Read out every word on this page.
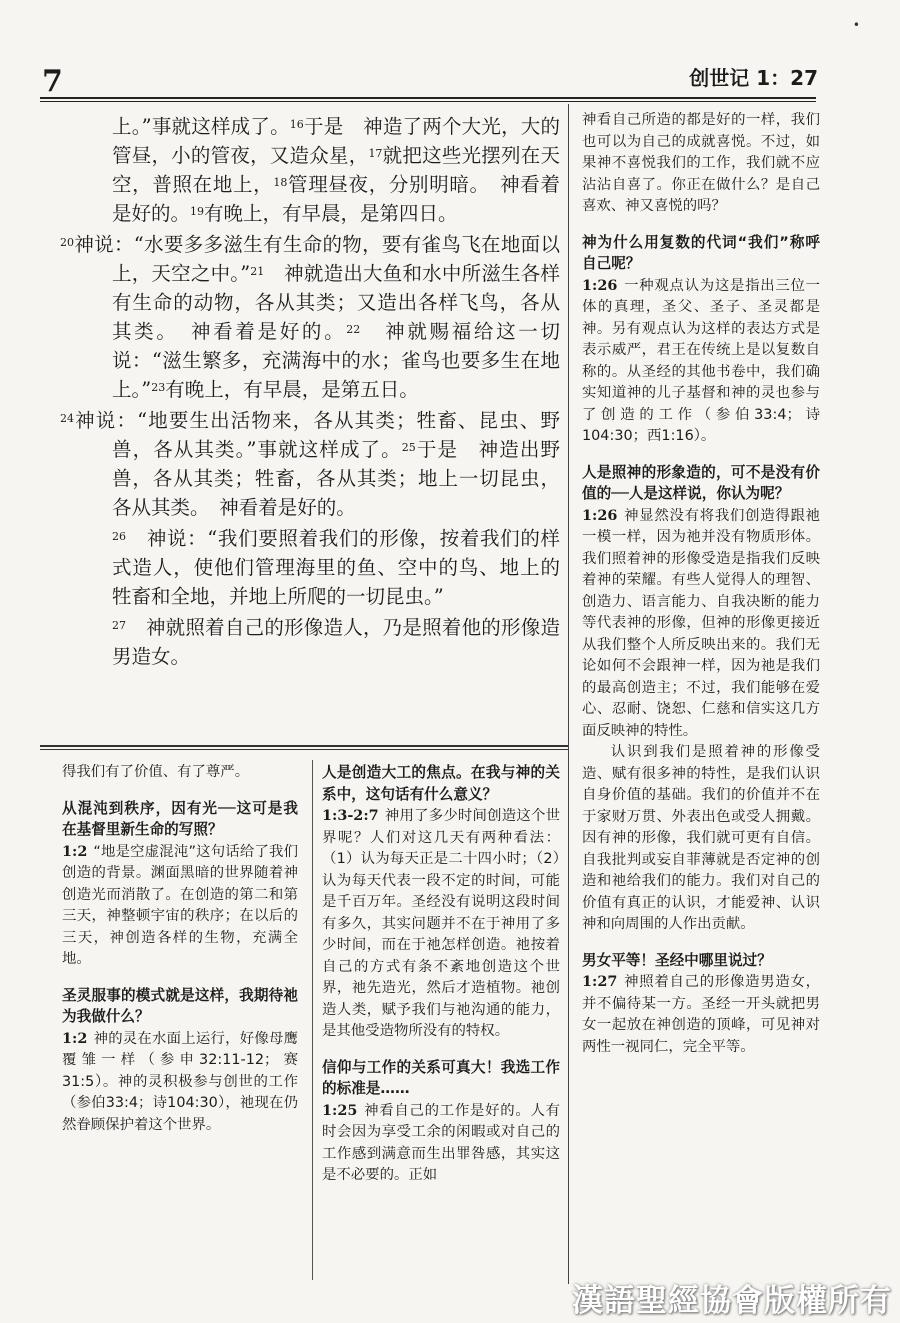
•
7	创世记 1：27

上。”事就这样成了。$^{16}$于是　神造了两个大光，大的管昼，小的管夜，又造众星，$^{17}$就把这些光摆列在天空，普照在地上，$^{18}$管理昼夜，分别明暗。　神看着是好的。$^{19}$有晚上，有早晨，是第四日。

$^{20}$神说：“水要多多滋生有生命的物，要有雀鸟飞在地面以上，天空之中。”$^{21}$　神就造出大鱼和水中所滋生各样有生命的动物，各从其类；又造出各样飞鸟，各从其类。　神看着是好的。$^{22}$　神就赐福给这一切说：“滋生繁多，充满海中的水；雀鸟也要多生在地上。”$^{23}$有晚上，有早晨，是第五日。

$^{24}$神说：“地要生出活物来，各从其类；牲畜、昆虫、野兽，各从其类。”事就这样成了。$^{25}$于是　神造出野兽，各从其类；牲畜，各从其类；地上一切昆虫，各从其类。　神看着是好的。

$^{26}$　神说：“我们要照着我们的形像，按着我们的样式造人，使他们管理海里的鱼、空中的鸟、地上的牲畜和全地，并地上所爬的一切昆虫。”

$^{27}$　神就照着自己的形像造人，乃是照着他的形像造男造女。

得我们有了价值、有了尊严。

从混沌到秩序，因有光──这可是我在基督里新生命的写照？

1:2 “地是空虚混沌”这句话给了我们创造的背景。渊面黑暗的世界随着神创造光而消散了。在创造的第二和第三天，神整顿宇宙的秩序；在以后的三天，神创造各样的生物，充满全地。

圣灵服事的模式就是这样，我期待祂为我做什么？

1:2 神的灵在水面上运行，好像母鹰覆雏一样（参申32:11-12；赛31:5）。神的灵积极参与创世的工作（参伯33:4；诗104:30），祂现在仍然眷顾保护着这个世界。

人是创造大工的焦点。在我与神的关系中，这句话有什么意义？

1:3-2:7 神用了多少时间创造这个世界呢？人们对这几天有两种看法：（1）认为每天正是二十四小时；（2）认为每天代表一段不定的时间，可能是千百万年。圣经没有说明这段时间有多久，其实问题并不在于神用了多少时间，而在于祂怎样创造。祂按着自己的方式有条不紊地创造这个世界，祂先造光，然后才造植物。祂创造人类，赋予我们与祂沟通的能力，是其他受造物所没有的特权。

信仰与工作的关系可真大！我选工作的标准是……

1:25 神看自己的工作是好的。人有时会因为享受工余的闲暇或对自己的工作感到满意而生出罪咎感，其实这是不必要的。正如

神看自己所造的都是好的一样，我们也可以为自己的成就喜悦。不过，如果神不喜悦我们的工作，我们就不应沾沾自喜了。你正在做什么？是自己喜欢、神又喜悦的吗？

神为什么用复数的代词“我们”称呼自己呢？

1:26 一种观点认为这是指出三位一体的真理，圣父、圣子、圣灵都是神。另有观点认为这样的表达方式是表示威严，君王在传统上是以复数自称的。从圣经的其他书卷中，我们确实知道神的儿子基督和神的灵也参与了创造的工作（参伯33:4；诗104:30；西1:16）。

人是照神的形象造的，可不是没有价值的──人是这样说，你认为呢？

1:26 神显然没有将我们创造得跟祂一模一样，因为祂并没有物质形体。我们照着神的形像受造是指我们反映着神的荣耀。有些人觉得人的理智、创造力、语言能力、自我决断的能力等代表神的形像，但神的形像更接近从我们整个人所反映出来的。我们无论如何不会跟神一样，因为祂是我们的最高创造主；不过，我们能够在爱心、忍耐、饶恕、仁慈和信实这几方面反映神的特性。

认识到我们是照着神的形像受造、赋有很多神的特性，是我们认识自身价值的基础。我们的价值并不在于家财万贯、外表出色或受人拥戴。因有神的形像，我们就可更有自信。自我批判或妄自菲薄就是否定神的创造和祂给我们的能力。我们对自己的价值有真正的认识，才能爱神、认识神和向周围的人作出贡献。

男女平等！圣经中哪里说过？

1:27 神照着自己的形像造男造女，并不偏待某一方。圣经一开头就把男女一起放在神创造的顶峰，可见神对两性一视同仁，完全平等。

漢語聖經協會版權所有
